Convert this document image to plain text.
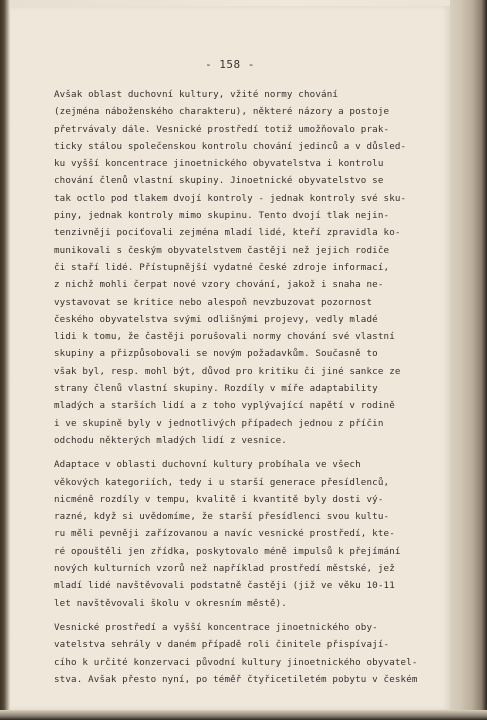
- 158 -
Avšak oblast duchovní kultury, vžité normy chování
(zejména náboženského charakteru), některé názory a postoje
přetrvávaly dále. Vesnické prostředí totiž umožňovalo prak-
ticky stálou společenskou kontrolu chování jedinců a v důsled-
ku vyšší koncentrace jinoetnického obyvatelstva i kontrolu
chování členů vlastní skupiny. Jinoetnické obyvatelstvo se
tak octlo pod tlakem dvojí kontroly - jednak kontroly své sku-
piny, jednak kontroly mimo skupinu. Tento dvojí tlak nejin-
tenzivněji pociťovali zejména mladí lidé, kteří zpravidla ko-
munikovali s českým obyvatelstvem častěji než jejich rodiče
či staří lidé. Přístupnější vydatné české zdroje informací,
z nichž mohli čerpat nové vzory chování, jakož i snaha ne-
vystavovat se kritice nebo alespoň nevzbuzovat pozornost
českého obyvatelstva svými odlišnými projevy, vedly mladé
lidi k tomu, že častěji porušovali normy chování své vlastní
skupiny a přizpůsobovali se novým požadavkům. Současně to
však byl, resp. mohl být, důvod pro kritiku či jiné sankce ze
strany členů vlastní skupiny. Rozdíly v míře adaptability
mladých a starších lidí a z toho vyplývající napětí v rodině
i ve skupině byly v jednotlivých případech jednou z příčin
odchodu některých mladých lidí z vesnice.
Adaptace v oblasti duchovní kultury probíhala ve všech
věkových kategoriích, tedy i u starší generace přesídlenců,
nicméně rozdíly v tempu, kvalitě i kvantitě byly dosti vý-
razné, když si uvědomíme, že starší přesídlenci svou kultu-
ru měli pevněji zařízovanou a navíc vesnické prostředí, kte-
ré opouštěli jen zřídka, poskytovalo méně impulsů k přejímání
nových kulturních vzorů než například prostředí městské, jež
mladí lidé navštěvovali podstatně častěji (již ve věku 10-11
let navštěvovali školu v okresním městě).
Vesnické prostředí a vyšší koncentrace jinoetnického oby-
vatelstva sehrály v daném případě roli činitele přispívají-
cího k určité konzervaci původní kultury jinoetnického obyvatel-
stva. Avšak přesto nyní, po téměř čtyřicetiletém pobytu v českém
